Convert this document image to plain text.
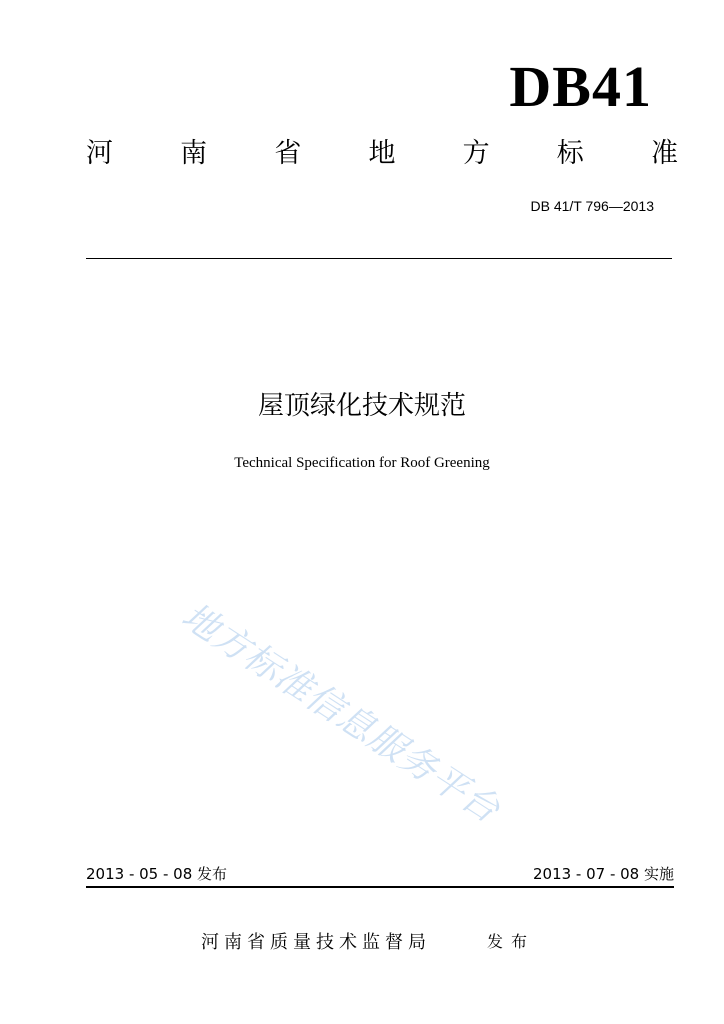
DB41
河 南 省 地 方 标 准
DB 41/T 796—2013
屋顶绿化技术规范
Technical Specification for Roof Greening
地方标准信息服务平台
2013 - 05 - 08 发布	2013 - 07 - 08 实施
河南省质量技术监督局	发布
